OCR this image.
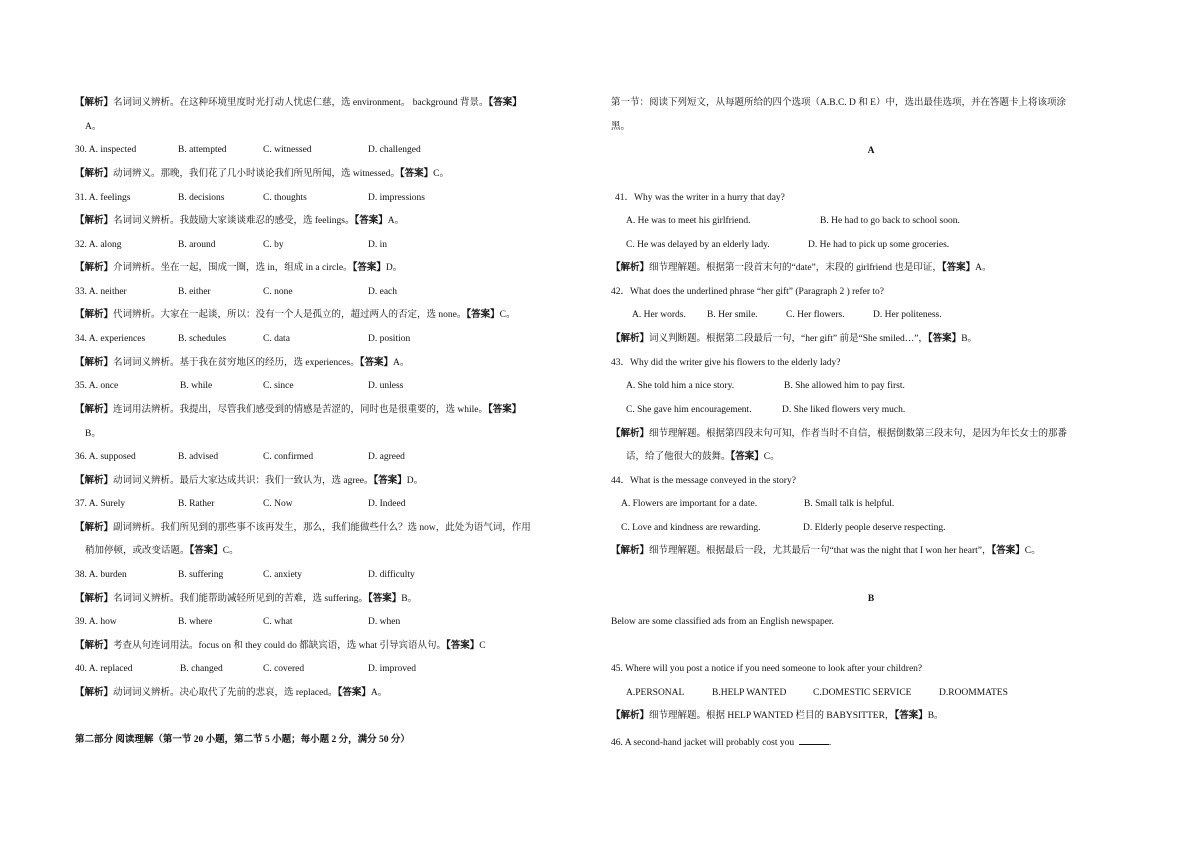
【解析】名词词义辨析。在这种环境里度时光打动人忧虑仁慈，选 environment。 background 背景。【答案】
A。
30. A. inspected	B. attempted	C. witnessed	D. challenged
【解析】动词辨义。那晚，我们花了几小时谈论我们所见所闻，选 witnessed。【答案】C。
31. A. feelings	B. decisions	C. thoughts	D. impressions
【解析】名词词义辨析。我鼓励大家谈谈难忍的感受，选 feelings。【答案】A。
32. A. along	B. around	C. by	D. in
【解析】介词辨析。坐在一起，围成一圈，选 in，组成 in a circle。【答案】D。
33. A. neither	B. either	C. none	D. each
【解析】代词辨析。大家在一起谈，所以：没有一个人是孤立的，超过两人的否定，选 none。【答案】C。
34. A. experiences	B. schedules	C. data	D. position
【解析】名词词义辨析。基于我在贫穷地区的经历，选 experiences。【答案】A。
35. A. once	B. while	C. since	D. unless
【解析】连词用法辨析。我提出，尽管我们感受到的情感是苦涩的，同时也是很重要的，选 while。【答案】
B。
36. A. supposed	B. advised	C. confirmed	D. agreed
【解析】动词词义辨析。最后大家达成共识：我们一致认为，选 agree。【答案】D。
37. A. Surely	B. Rather	C. Now	D. Indeed
【解析】副词辨析。我们所见到的那些事不该再发生，那么，我们能做些什么？选 now，此处为语气词，作用
稍加停顿，或改变话题。【答案】C。
38. A. burden	B. suffering	C. anxiety	D. difficulty
【解析】名词词义辨析。我们能帮助减轻所见到的苦难，选 suffering。【答案】B。
39. A. how	B. where	C. what	D. when
【解析】考查从句连词用法。focus on 和 they could do 都缺宾语，选 what 引导宾语从句。【答案】C
40. A. replaced	B. changed	C. covered	D. improved
【解析】动词词义辨析。决心取代了先前的悲哀，选 replaced。【答案】A。
第二部分 阅读理解（第一节 20 小题，第二节 5 小题；每小题 2 分，满分 50 分）
第一节：阅读下列短文，从每题所给的四个选项（A.B.C. D 和 E）中，选出最佳选项，并在答题卡上将该项涂
黑。
A
41．Why was the writer in a hurry that day?
A. He was to meet his girlfriend.	B. He had to go back to school soon.
C. He was delayed by an elderly lady.	D. He had to pick up some groceries.
【解析】细节理解题。根据第一段首末句的“date”，末段的 girlfriend 也是印证，【答案】A。
42．What does the underlined phrase “her gift” (Paragraph 2 ) refer to?
A. Her words. B. Her smile.	C. Her flowers.	D. Her politeness.
【解析】词义判断题。根据第二段最后一句，“her gift” 前是“She smiled…”，【答案】B。
43．Why did the writer give his flowers to the elderly lady?
A. She told him a nice story.	B. She allowed him to pay first.
C. She gave him encouragement.	D. She liked flowers very much.
【解析】细节理解题。根据第四段末句可知，作者当时不自信，根据倒数第三段末句，是因为年长女士的那番
话，给了他很大的鼓舞。【答案】C。
44．What is the message conveyed in the story?
A. Flowers are important for a date.	B. Small talk is helpful.
C. Love and kindness are rewarding.	D. Elderly people deserve respecting.
【解析】细节理解题。根据最后一段，尤其最后一句“that was the night that I won her heart”，【答案】C。
B
Below are some classified ads from an English newspaper.
45. Where will you post a notice if you need someone to look after your children?
A.PERSONAL	B.HELP WANTED	C.DOMESTIC SERVICE	D.ROOMMATES
【解析】细节理解题。根据 HELP WANTED 栏目的 BABYSITTER，【答案】B。
46. A second-hand jacket will probably cost you	.
